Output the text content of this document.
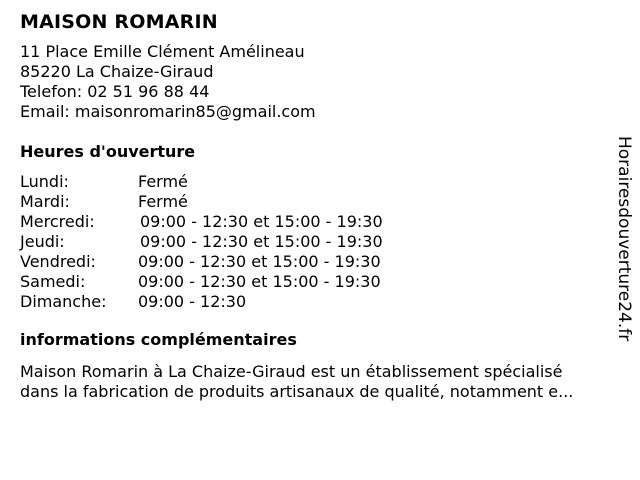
MAISON ROMARIN
11 Place Emille Clément Amélineau
85220 La Chaize-Giraud
Telefon: 02 51 96 88 44
Email: maisonromarin85@gmail.com
Heures d'ouverture
Lundi:	Fermé
Mardi:	Fermé
Mercredi:	09:00 - 12:30 et 15:00 - 19:30
Jeudi:	09:00 - 12:30 et 15:00 - 19:30
Vendredi:	09:00 - 12:30 et 15:00 - 19:30
Samedi:	09:00 - 12:30 et 15:00 - 19:30
Dimanche:	09:00 - 12:30
informations complémentaires
Maison Romarin à La Chaize-Giraud est un établissement spécialisé
dans la fabrication de produits artisanaux de qualité, notamment e...
Horairesdouverture24.fr
